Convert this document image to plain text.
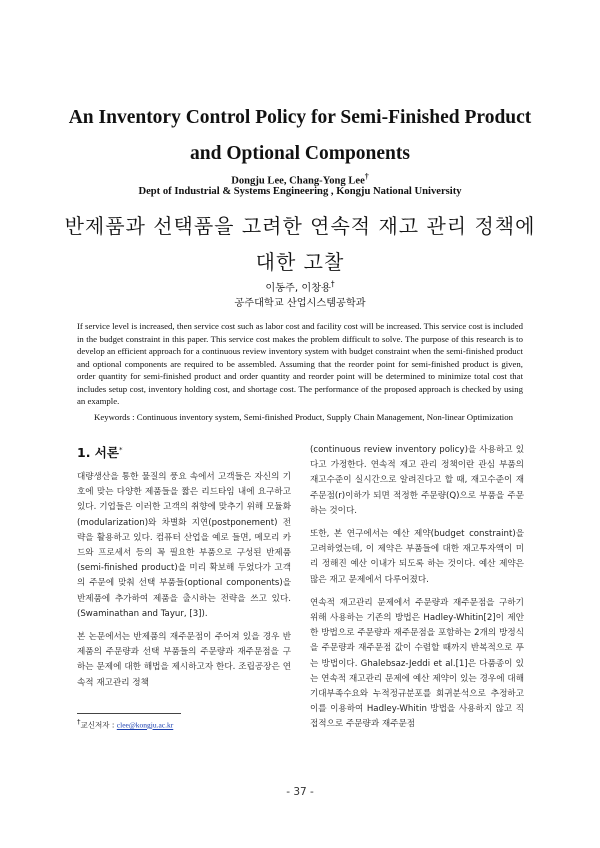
An Inventory Control Policy for Semi-Finished Product
and Optional Components
Dongju Lee, Chang-Yong Lee†
Dept of Industrial & Systems Engineering , Kongju National University
반제품과 선택품을 고려한 연속적 재고 관리 정책에
대한 고찰
이동주, 이창용†
공주대학교 산업시스템공학과

If service level is increased, then service cost such as labor cost and facility cost will be increased. This service cost is included in the budget constraint in this paper. This service cost makes the problem difficult to solve. The purpose of this research is to develop an efficient approach for a continuous review inventory system with budget constraint when the semi-finished product and optional components are required to be assembled. Assuming that the reorder point for semi-finished product is given, order quantity for semi-finished product and order quantity and reorder point will be determined to minimize total cost that includes setup cost, inventory holding cost, and shortage cost. The performance of the proposed approach is checked by using an example.

Keywords : Continuous inventory system, Semi-finished Product, Supply Chain Management, Non-linear Optimization
1. 서론*

대량생산을 통한 물질의 풍요 속에서 고객들은 자신의 기호에 맞는 다양한 제품들을 짧은 리드타임 내에 요구하고 있다. 기업들은 이러한 고객의 취향에 맞추기 위해 모듈화(modularization)와 차별화 지연(postponement) 전략을 활용하고 있다. 컴퓨터 산업을 예로 들면, 메모리 카드와 프로세서 등의 꼭 필요한 부품으로 구성된 반제품(semi-finished product)을 미리 확보해 두었다가 고객의 주문에 맞춰 선택 부품들(optional components)을 반제품에 추가하여 제품을 출시하는 전략을 쓰고 있다. (Swaminathan and Tayur, [3]).

본 논문에서는 반제품의 재주문점이 주어져 있을 경우 반제품의 주문량과 선택 부품들의 주문량과 재주문점을 구하는 문제에 대한 해법을 제시하고자 한다. 조립공장은 연속적 재고관리 정책

(continuous review inventory policy)을 사용하고 있다고 가정한다. 연속적 재고 관리 정책이란 관심 부품의 재고수준이 실시간으로 알려진다고 할 때, 재고수준이 재주문점(r)이하가 되면 적정한 주문량(Q)으로 부품을 주문하는 것이다.

또한, 본 연구에서는 예산 제약(budget constraint)을 고려하였는데, 이 제약은 부품들에 대한 재고투자액이 미리 정해진 예산 이내가 되도록 하는 것이다. 예산 제약은 많은 재고 문제에서 다루어졌다.

연속적 재고관리 문제에서 주문량과 재주문점을 구하기 위해 사용하는 기존의 방법은 Hadley-Whitin[2]이 제안한 방법으로 주문량과 재주문점을 포함하는 2개의 방정식을 주문량과 재주문점 값이 수렴할 때까지 반복적으로 푸는 방법이다. Ghalebsaz-Jeddi et al.[1]은 다품종이 있는 연속적 재고관리 문제에 예산 제약이 있는 경우에 대해 기대부족수요와 누적정규분포를 회귀분석으로 추정하고 이를 이용하여 Hadley-Whitin 방법을 사용하지 않고 직접적으로 주문량과 재주문점

†교신저자 : clee@kongju.ac.kr
- 37 -
